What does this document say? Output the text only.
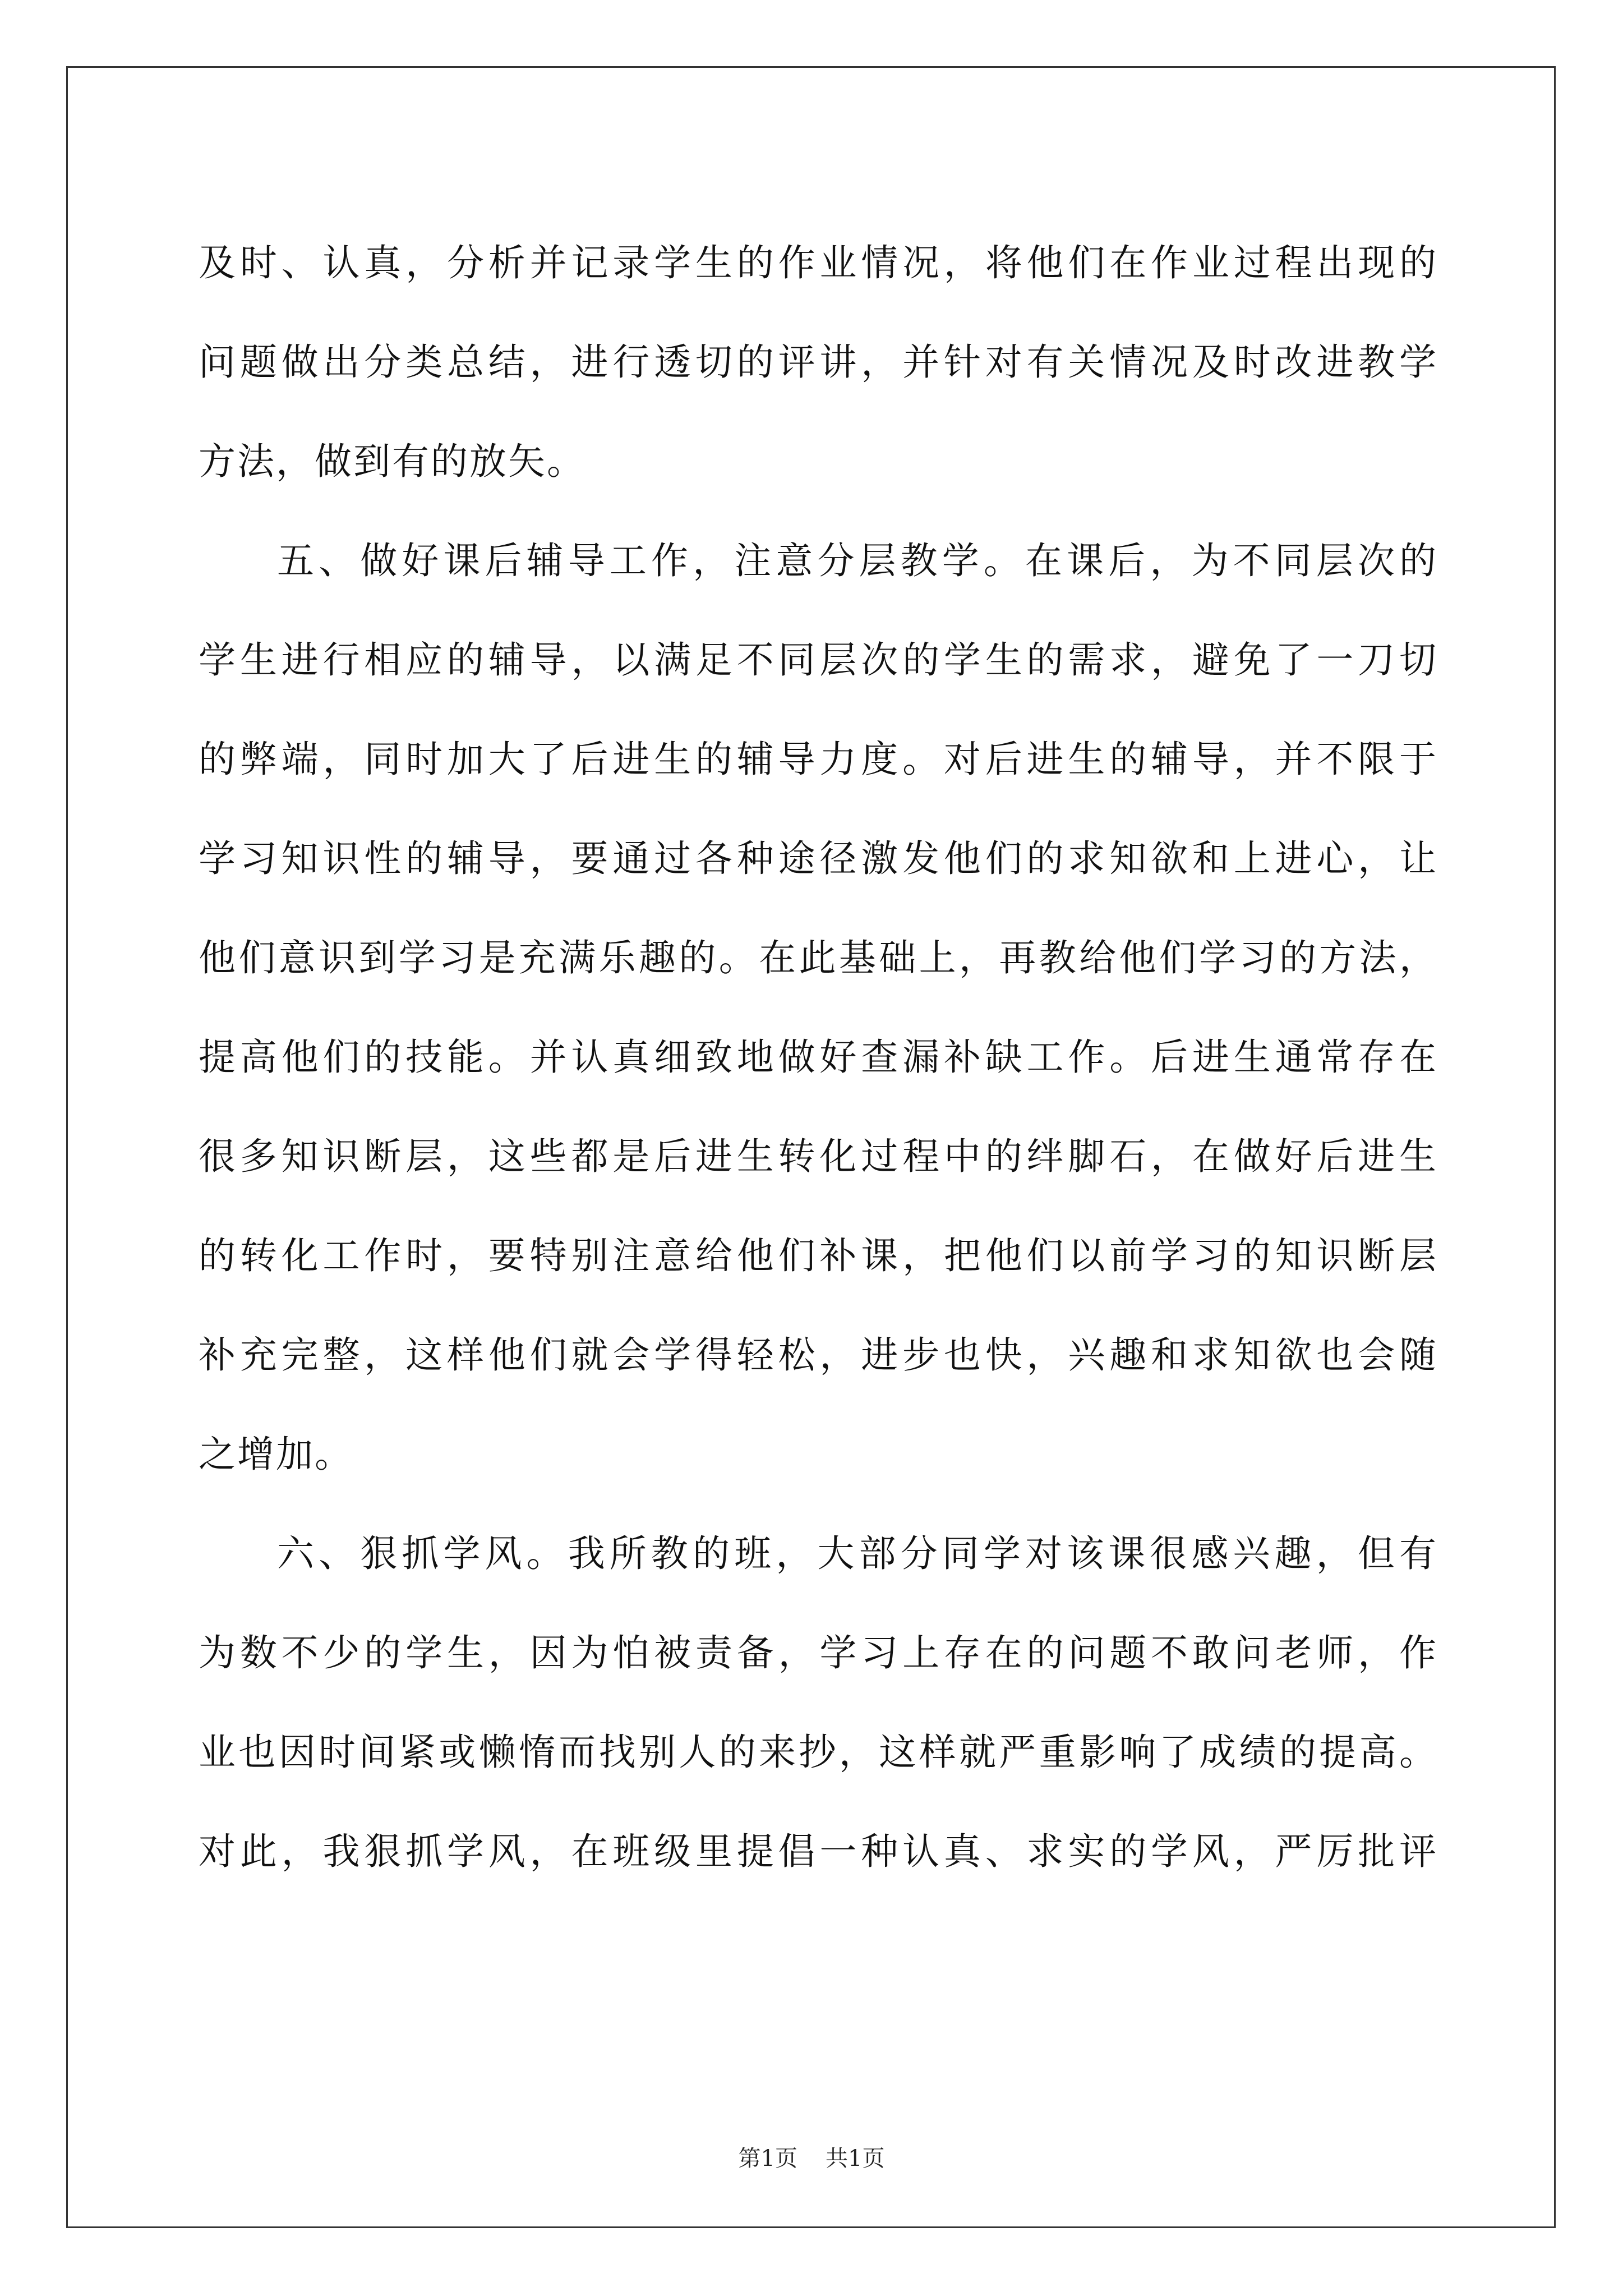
及时、认真，分析并记录学生的作业情况，将他们在作业过程出现的
问题做出分类总结，进行透切的评讲，并针对有关情况及时改进教学
方法，做到有的放矢。
五、做好课后辅导工作，注意分层教学。在课后，为不同层次的
学生进行相应的辅导，以满足不同层次的学生的需求，避免了一刀切
的弊端，同时加大了后进生的辅导力度。对后进生的辅导，并不限于
学习知识性的辅导，要通过各种途径激发他们的求知欲和上进心，让
他们意识到学习是充满乐趣的。在此基础上，再教给他们学习的方法，
提高他们的技能。并认真细致地做好查漏补缺工作。后进生通常存在
很多知识断层，这些都是后进生转化过程中的绊脚石，在做好后进生
的转化工作时，要特别注意给他们补课，把他们以前学习的知识断层
补充完整，这样他们就会学得轻松，进步也快，兴趣和求知欲也会随
之增加。
六、狠抓学风。我所教的班，大部分同学对该课很感兴趣，但有
为数不少的学生，因为怕被责备，学习上存在的问题不敢问老师，作
业也因时间紧或懒惰而找别人的来抄，这样就严重影响了成绩的提高。
对此，我狠抓学风，在班级里提倡一种认真、求实的学风，严厉批评
第1页 共1页
